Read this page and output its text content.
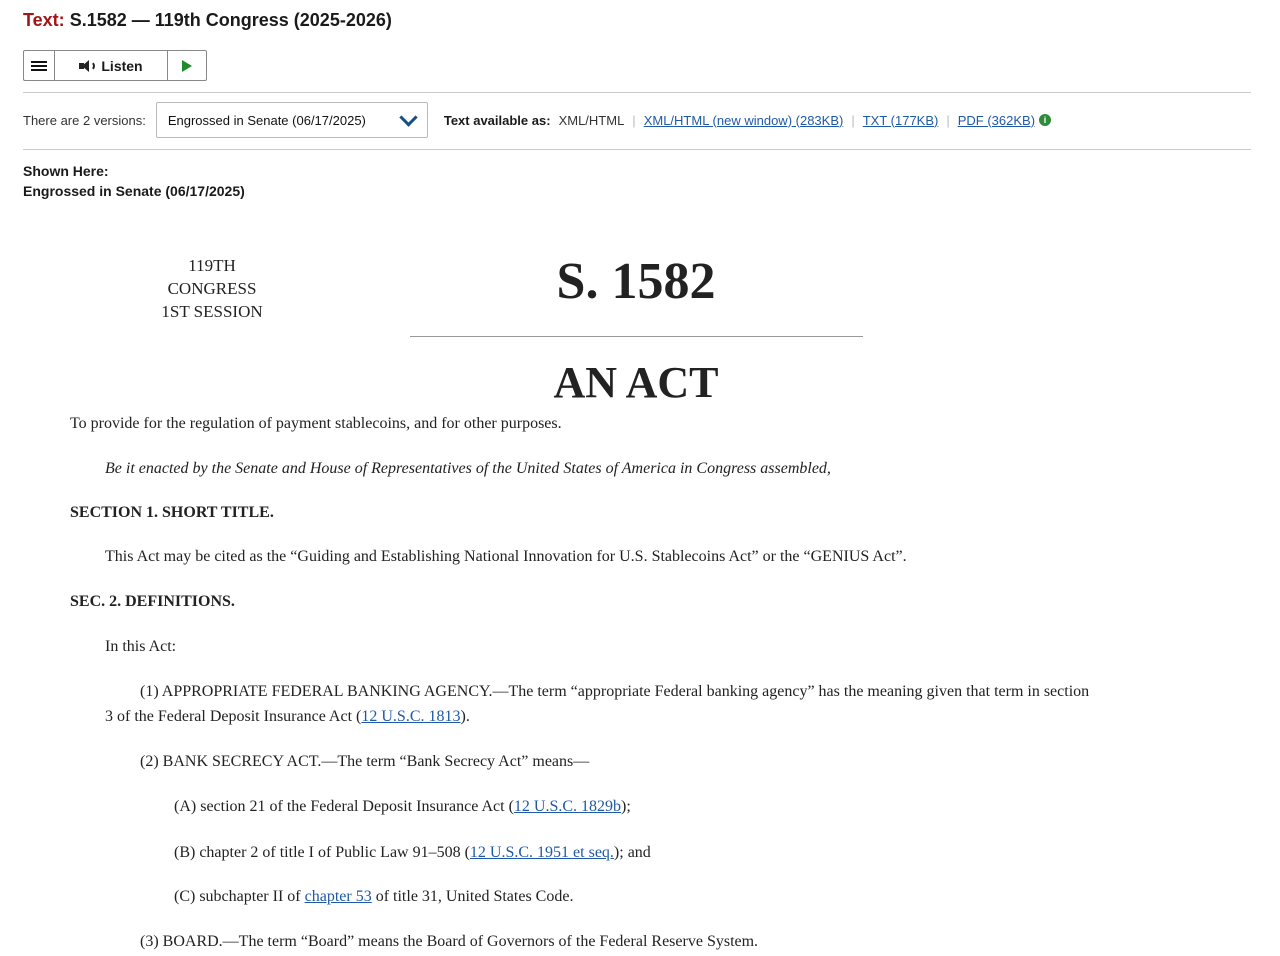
Text: S.1582 — 119th Congress (2025-2026)
Listen
There are 2 versions: Engrossed in Senate (06/17/2025)	Text available as: XML/HTML | XML/HTML (new window) (283KB) | TXT (177KB) | PDF (362KB) i
Shown Here:
Engrossed in Senate (06/17/2025)
119TH CONGRESS
1ST SESSION
S. 1582
AN ACT
To provide for the regulation of payment stablecoins, and for other purposes.
Be it enacted by the Senate and House of Representatives of the United States of America in Congress assembled,
SECTION 1. SHORT TITLE.
This Act may be cited as the “Guiding and Establishing National Innovation for U.S. Stablecoins Act” or the “GENIUS Act”.
SEC. 2. DEFINITIONS.
In this Act:
(1) APPROPRIATE FEDERAL BANKING AGENCY.—The term “appropriate Federal banking agency” has the meaning given that term in section
3 of the Federal Deposit Insurance Act (12 U.S.C. 1813).
(2) BANK SECRECY ACT.—The term “Bank Secrecy Act” means—
(A) section 21 of the Federal Deposit Insurance Act (12 U.S.C. 1829b);
(B) chapter 2 of title I of Public Law 91–508 (12 U.S.C. 1951 et seq.); and
(C) subchapter II of chapter 53 of title 31, United States Code.
(3) BOARD.—The term “Board” means the Board of Governors of the Federal Reserve System.
